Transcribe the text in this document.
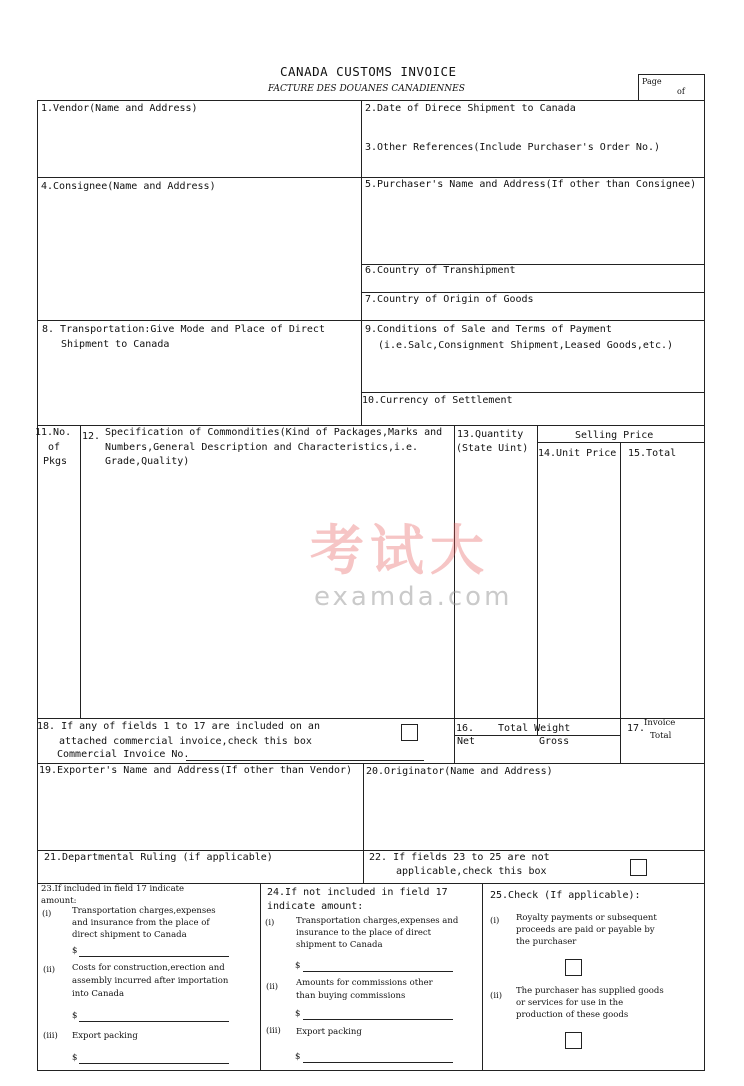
CANADA CUSTOMS INVOICE
FACTURE DES DOUANES CANADIENNES
Page
of
1.Vendor(Name and Address)	2.Date of Direce Shipment to Canada
3.Other References(Include Purchaser's Order No.)
4.Consignee(Name and Address)	5.Purchaser's Name and Address(If other than Consignee)
6.Country of Transhipment
7.Country of Origin of Goods
8. Transportation:Give Mode and Place of Direct
Shipment to Canada
9.Conditions of Sale and Terms of Payment
(i.e.Salc,Consignment Shipment,Leased Goods,etc.)
10.Currency of Settlement
11.No.
of
Pkgs
12. Specification of Commondities(Kind of Packages,Marks and
Numbers,General Description and Characteristics,i.e.
Grade,Quality)
13.Quantity
(State Uint)
Selling Price
14.Unit Price 15.Total
考试大
examda.com
18. If any of fields 1 to 17 are included on an
attached commercial invoice,check this box
Commercial Invoice No.
16. Total Weight
Net	Gross
17.
Invoice
Total
19.Exporter's Name and Address(If other than Vendor) 20.Originator(Name and Address)
21.Departmental Ruling (if applicable)	22. If fields 23 to 25 are not
applicable,check this box
23.If included in field 17 indicate
amount:
(i) Transportation charges,expenses
and insurance from the place of
direct shipment to Canada
$
(ii) Costs for construction,erection and
assembly incurred after importation
into Canada
$
(iii) Export packing
$
24.If not included in field 17
indicate amount:
(i)	Transportation charges,expenses and
insurance to the place of direct
shipment to Canada
$
(ii) Amounts for commissions other
than buying commissions
$
(iii) Export packing
$
25.Check (If applicable):
(i) Royalty payments or subsequent
proceeds are paid or payable by
the purchaser
(ii) The purchaser has supplied goods
or services for use in the
production of these goods
